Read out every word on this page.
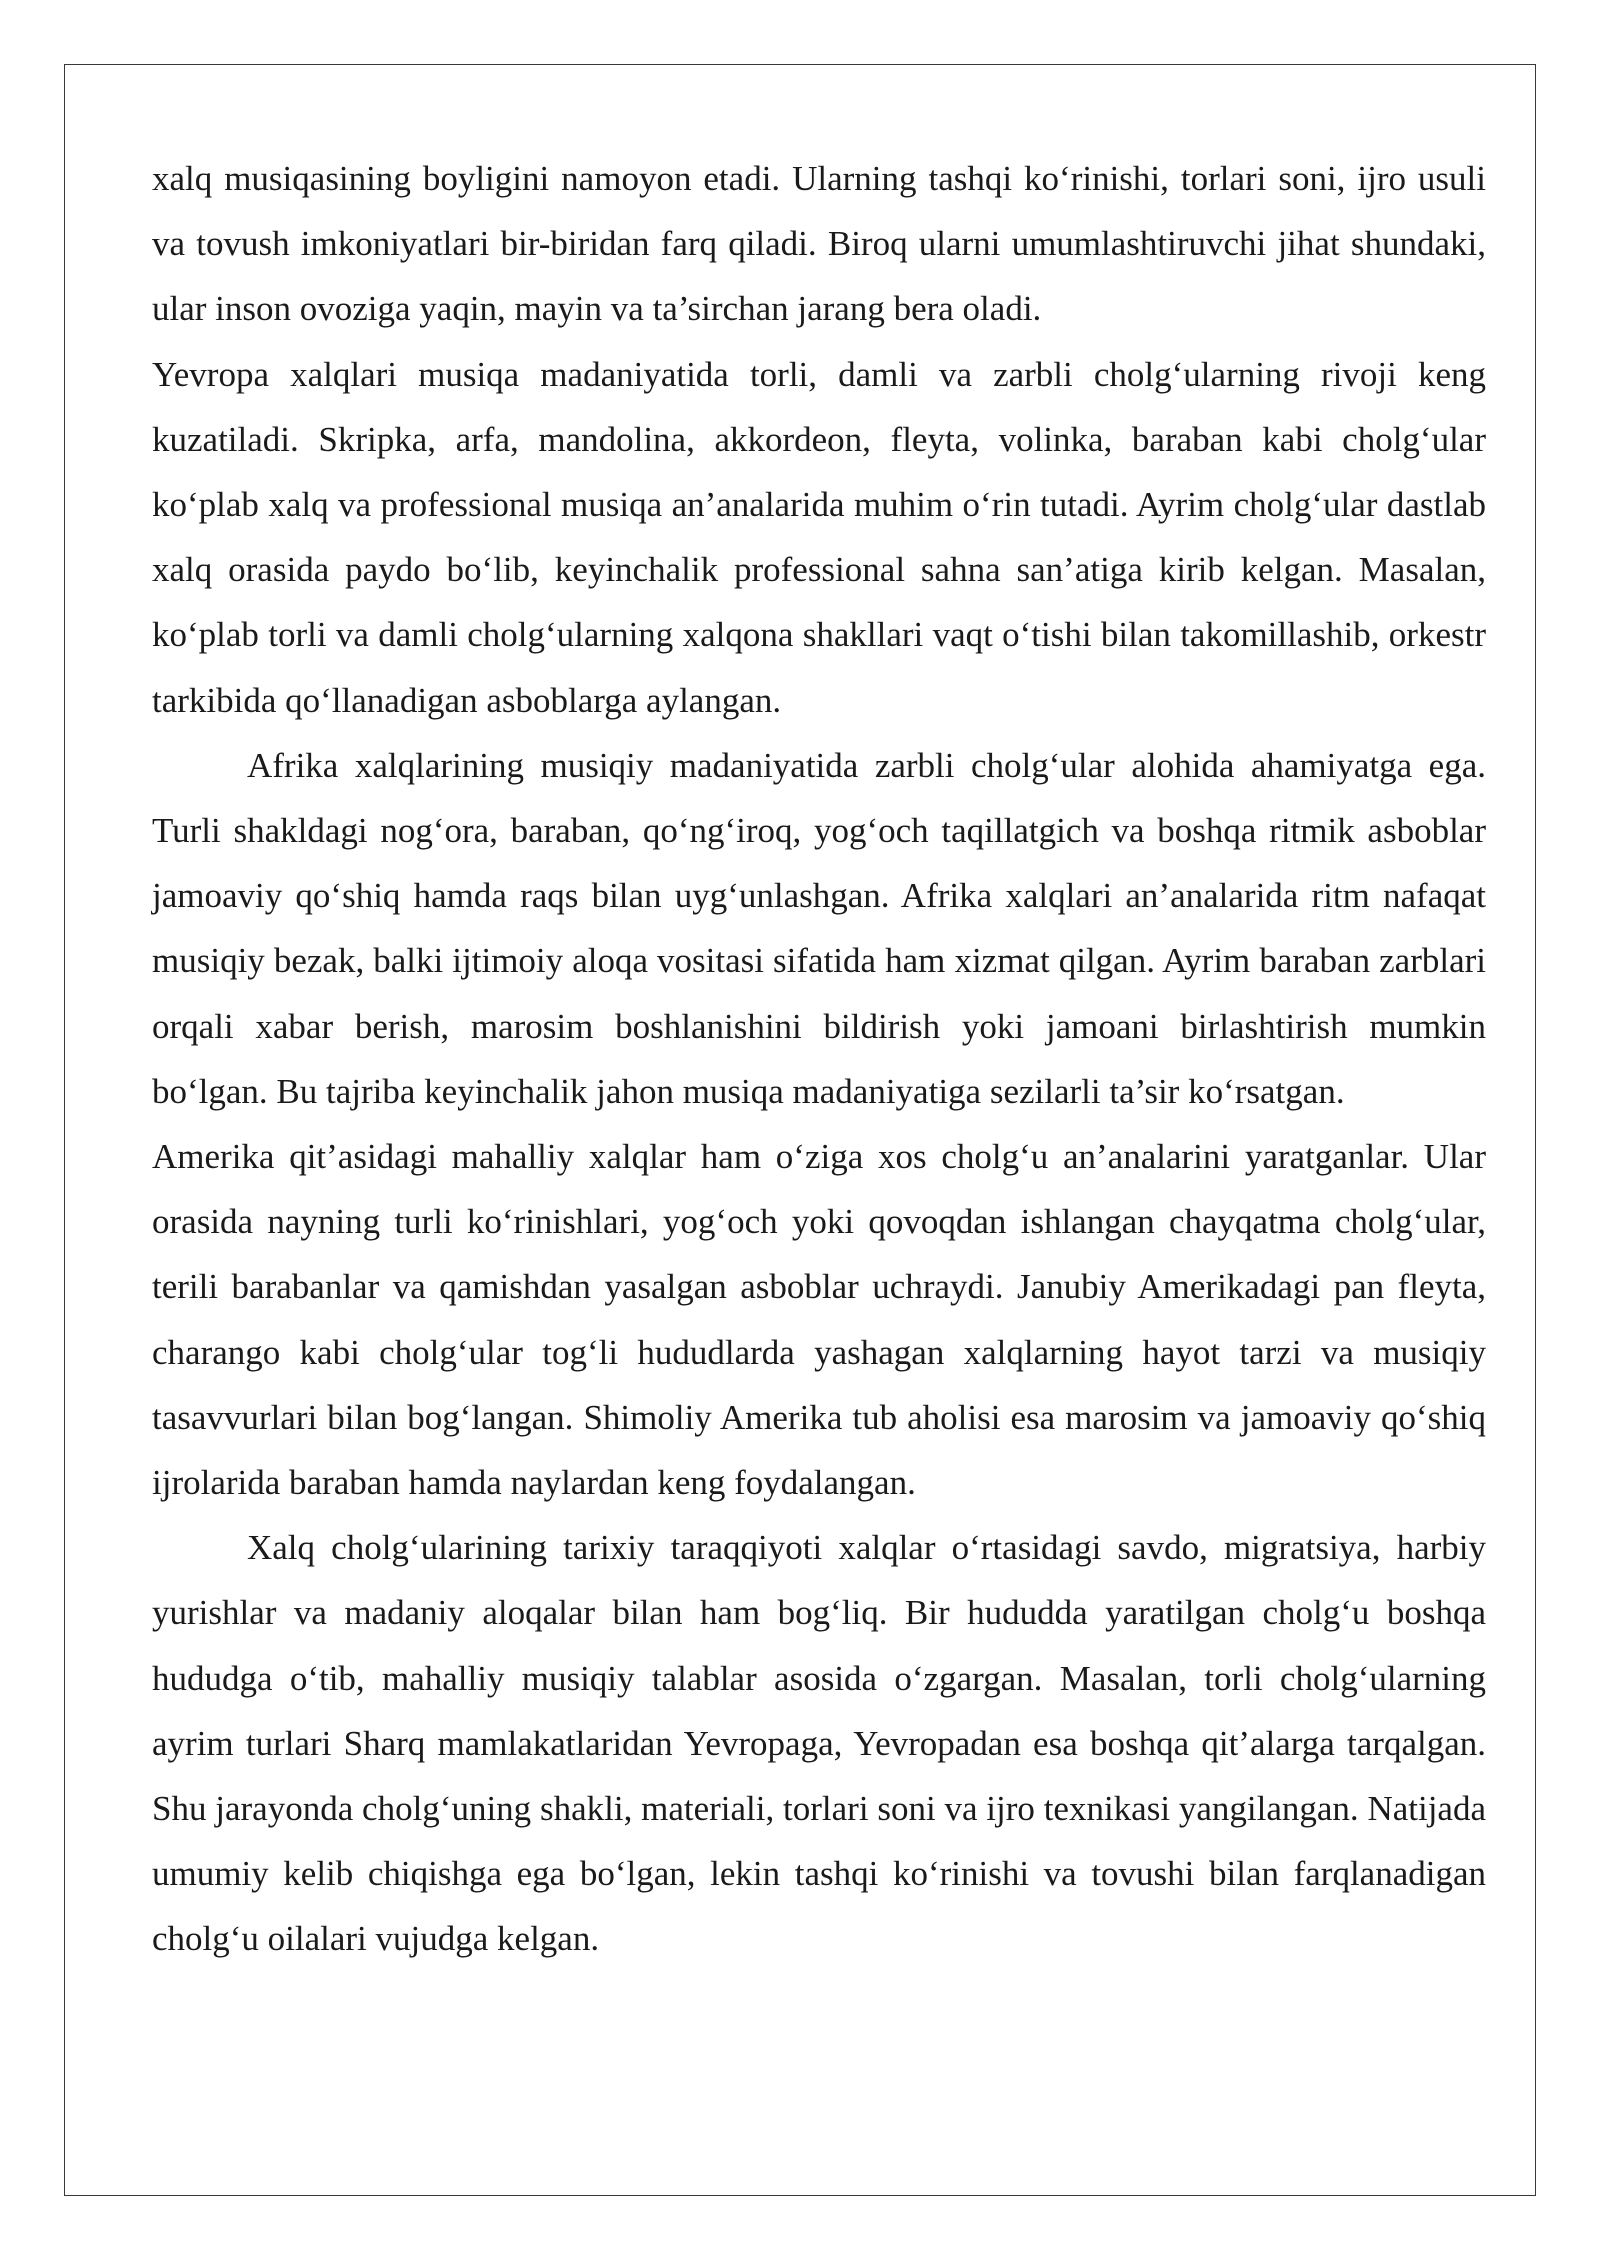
xalq musiqasining boyligini namoyon etadi. Ularning tashqi ko‘rinishi, torlari soni, ijro usuli va tovush imkoniyatlari bir-biridan farq qiladi. Biroq ularni umumlashtiruvchi jihat shundaki, ular inson ovoziga yaqin, mayin va ta’sirchan jarang bera oladi.

Yevropa xalqlari musiqa madaniyatida torli, damli va zarbli cholg‘ularning rivoji keng kuzatiladi. Skripka, arfa, mandolina, akkordeon, fleyta, volinka, baraban kabi cholg‘ular ko‘plab xalq va professional musiqa an’analarida muhim o‘rin tutadi. Ayrim cholg‘ular dastlab xalq orasida paydo bo‘lib, keyinchalik professional sahna san’atiga kirib kelgan. Masalan, ko‘plab torli va damli cholg‘ularning xalqona shakllari vaqt o‘tishi bilan takomillashib, orkestr tarkibida qo‘llanadigan asboblarga aylangan.

Afrika xalqlarining musiqiy madaniyatida zarbli cholg‘ular alohida ahamiyatga ega. Turli shakldagi nog‘ora, baraban, qo‘ng‘iroq, yog‘och taqillatgich va boshqa ritmik asboblar jamoaviy qo‘shiq hamda raqs bilan uyg‘unlashgan. Afrika xalqlari an’analarida ritm nafaqat musiqiy bezak, balki ijtimoiy aloqa vositasi sifatida ham xizmat qilgan. Ayrim baraban zarblari orqali xabar berish, marosim boshlanishini bildirish yoki jamoani birlashtirish mumkin bo‘lgan. Bu tajriba keyinchalik jahon musiqa madaniyatiga sezilarli ta’sir ko‘rsatgan.

Amerika qit’asidagi mahalliy xalqlar ham o‘ziga xos cholg‘u an’analarini yaratganlar. Ular orasida nayning turli ko‘rinishlari, yog‘och yoki qovoqdan ishlangan chayqatma cholg‘ular, terili barabanlar va qamishdan yasalgan asboblar uchraydi. Janubiy Amerikadagi pan fleyta, charango kabi cholg‘ular tog‘li hududlarda yashagan xalqlarning hayot tarzi va musiqiy tasavvurlari bilan bog‘langan. Shimoliy Amerika tub aholisi esa marosim va jamoaviy qo‘shiq ijrolarida baraban hamda naylardan keng foydalangan.

Xalq cholg‘ularining tarixiy taraqqiyoti xalqlar o‘rtasidagi savdo, migratsiya, harbiy yurishlar va madaniy aloqalar bilan ham bog‘liq. Bir hududda yaratilgan cholg‘u boshqa hududga o‘tib, mahalliy musiqiy talablar asosida o‘zgargan. Masalan, torli cholg‘ularning ayrim turlari Sharq mamlakatlaridan Yevropaga, Yevropadan esa boshqa qit’alarga tarqalgan. Shu jarayonda cholg‘uning shakli, materiali, torlari soni va ijro texnikasi yangilangan. Natijada umumiy kelib chiqishga ega bo‘lgan, lekin tashqi ko‘rinishi va tovushi bilan farqlanadigan cholg‘u oilalari vujudga kelgan.
